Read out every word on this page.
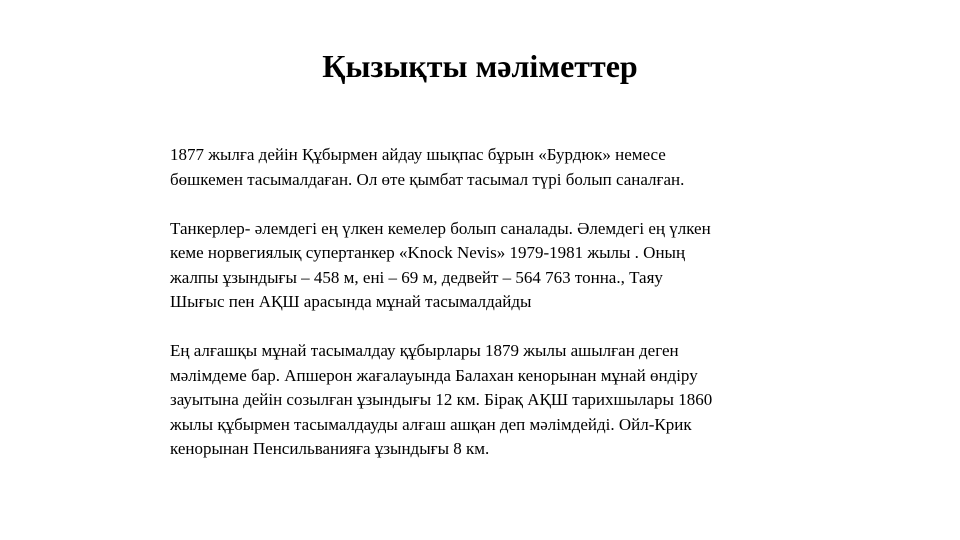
Қызықты мәліметтер

1877 жылға дейін Құбырмен айдау шықпас бұрын «Бурдюк» немесе
бөшкемен тасымалдаған. Ол өте қымбат тасымал түрі болып саналған.

Танкерлер- әлемдегі ең үлкен кемелер болып саналады. Әлемдегі ең үлкен
кеме норвегиялық супертанкер «Knock Nevis» 1979-1981 жылы . Оның
жалпы ұзындығы – 458 м, ені – 69 м, дедвейт – 564 763 тонна., Таяу
Шығыс пен АҚШ арасында мұнай тасымалдайды

Ең алғашқы мұнай тасымалдау құбырлары 1879 жылы ашылған деген
мәлімдеме бар. Апшерон жағалауында Балахан кенорынан мұнай өндіру
зауытына дейін созылған ұзындығы 12 км. Бірақ АҚШ тарихшылары 1860
жылы құбырмен тасымалдауды алғаш ашқан деп мәлімдейді. Ойл-Крик
кенорынан Пенсильванияға ұзындығы 8 км.
